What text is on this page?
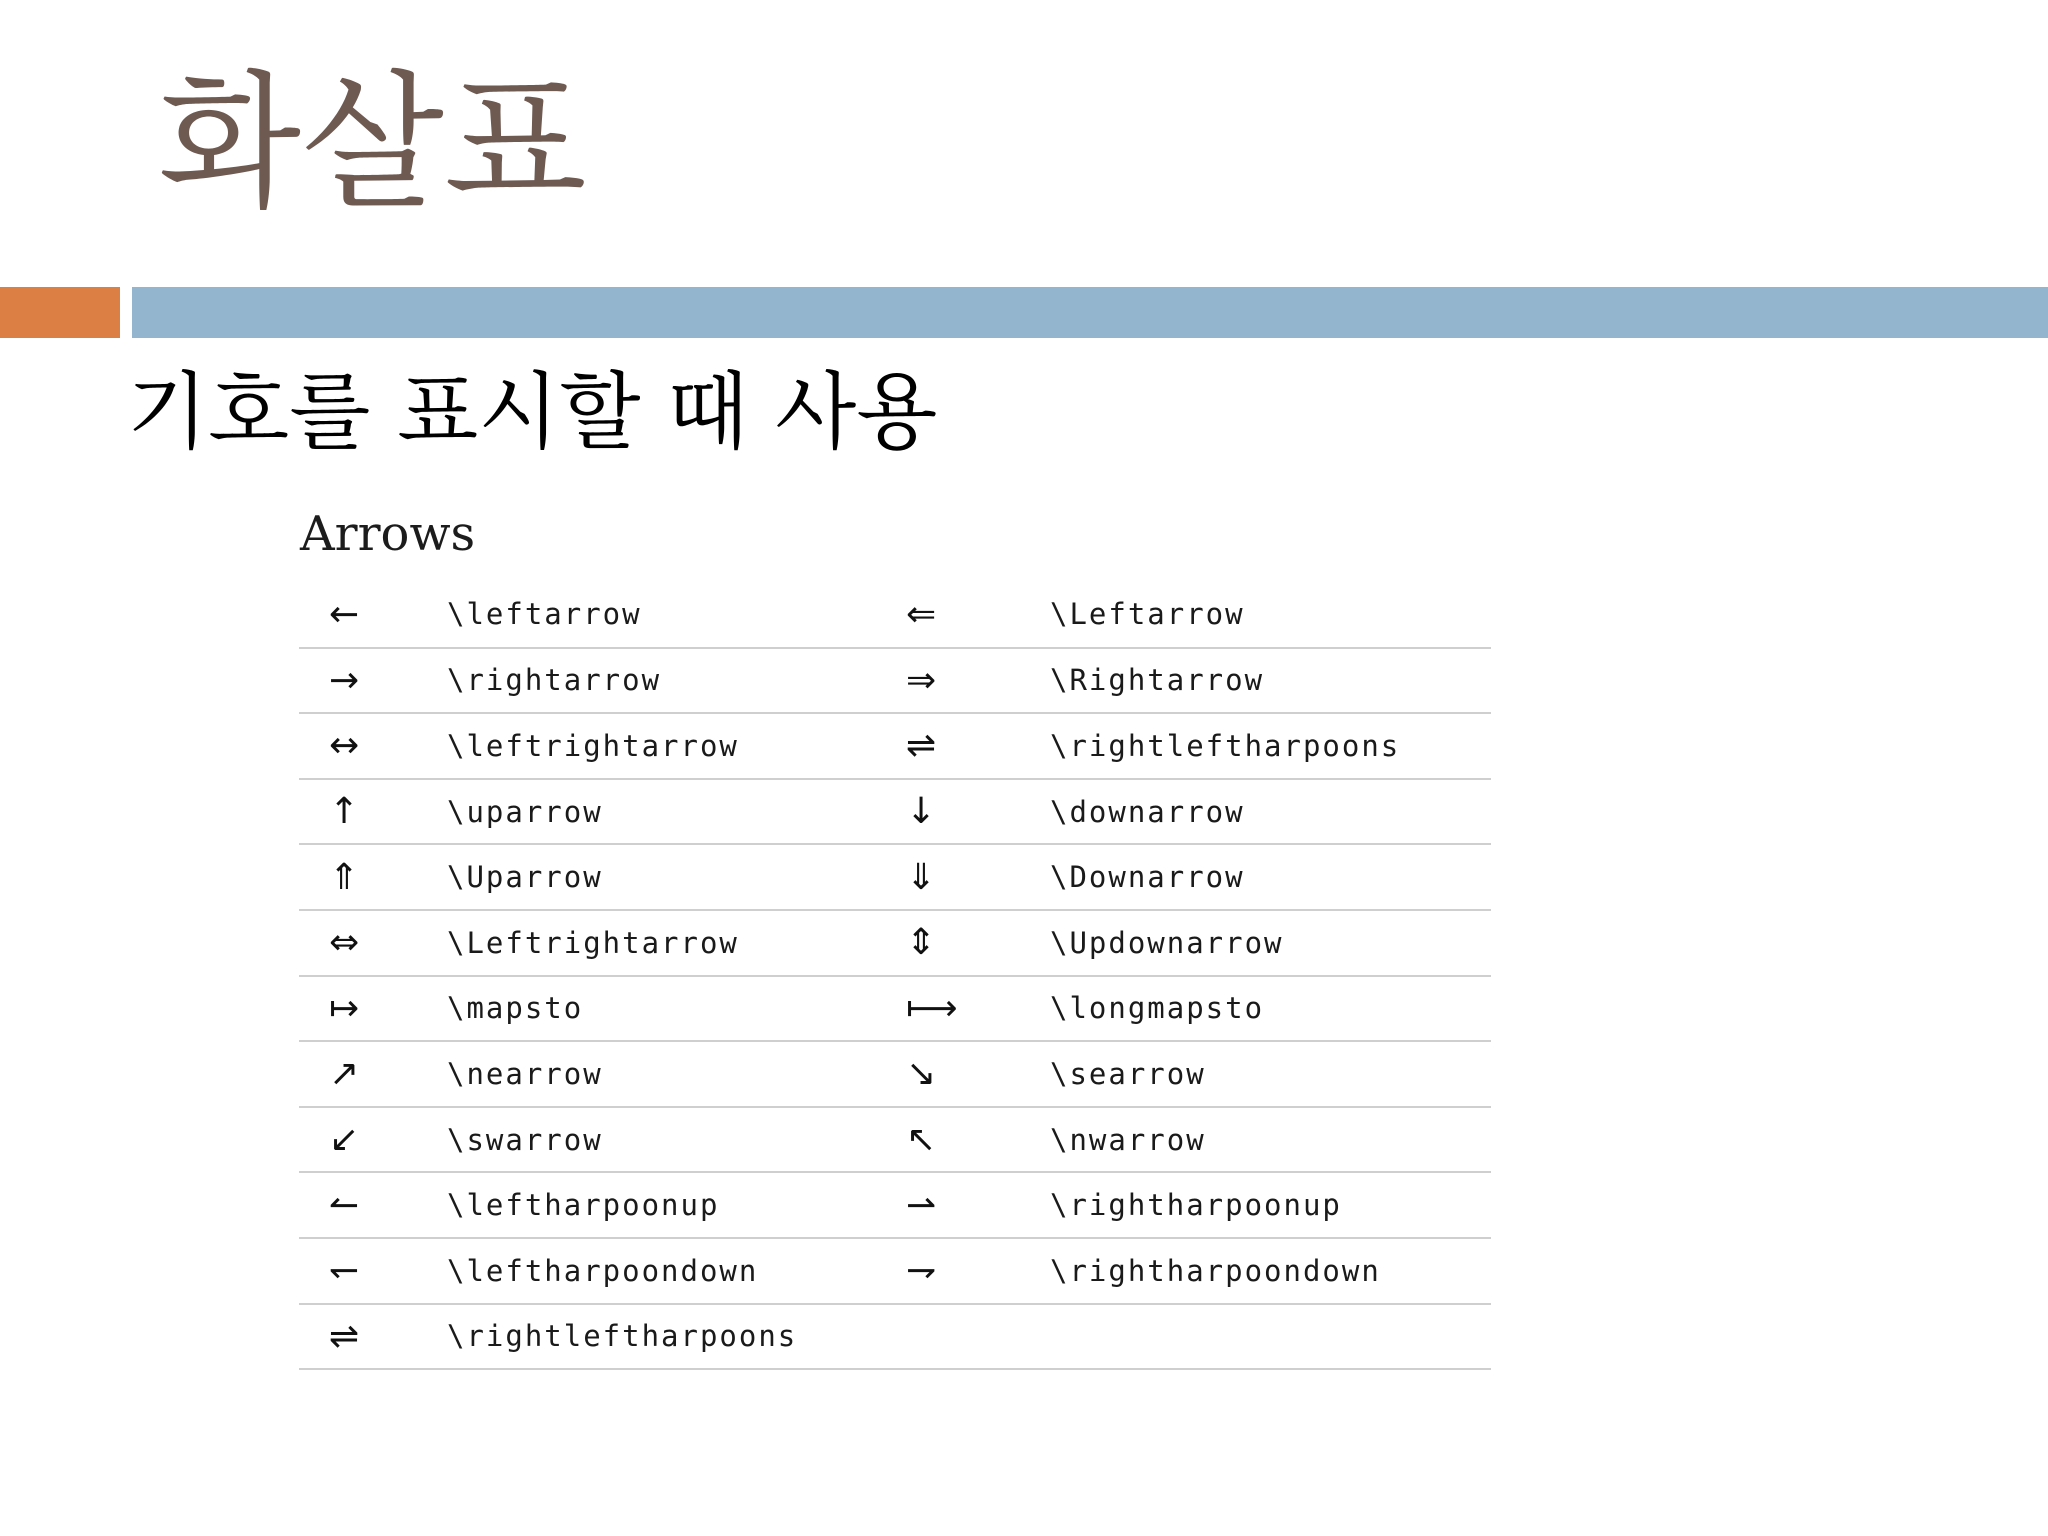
화살표
기호를 표시할 때 사용
Arrows
←	\leftarrow	⇐	\Leftarrow
→	\rightarrow	⇒	\Rightarrow
↔	\leftrightarrow	⇌	\rightleftharpoons
↑	\uparrow	↓	\downarrow
⇑	\Uparrow	⇓	\Downarrow
⇔	\Leftrightarrow	⇕	\Updownarrow
↦	\mapsto	⟼	\longmapsto
↗	\nearrow	↘	\searrow
↙	\swarrow	↖	\nwarrow
↼	\leftharpoonup	⇀	\rightharpoonup
↽	\leftharpoondown	⇁	\rightharpoondown
⇌	\rightleftharpoons		
